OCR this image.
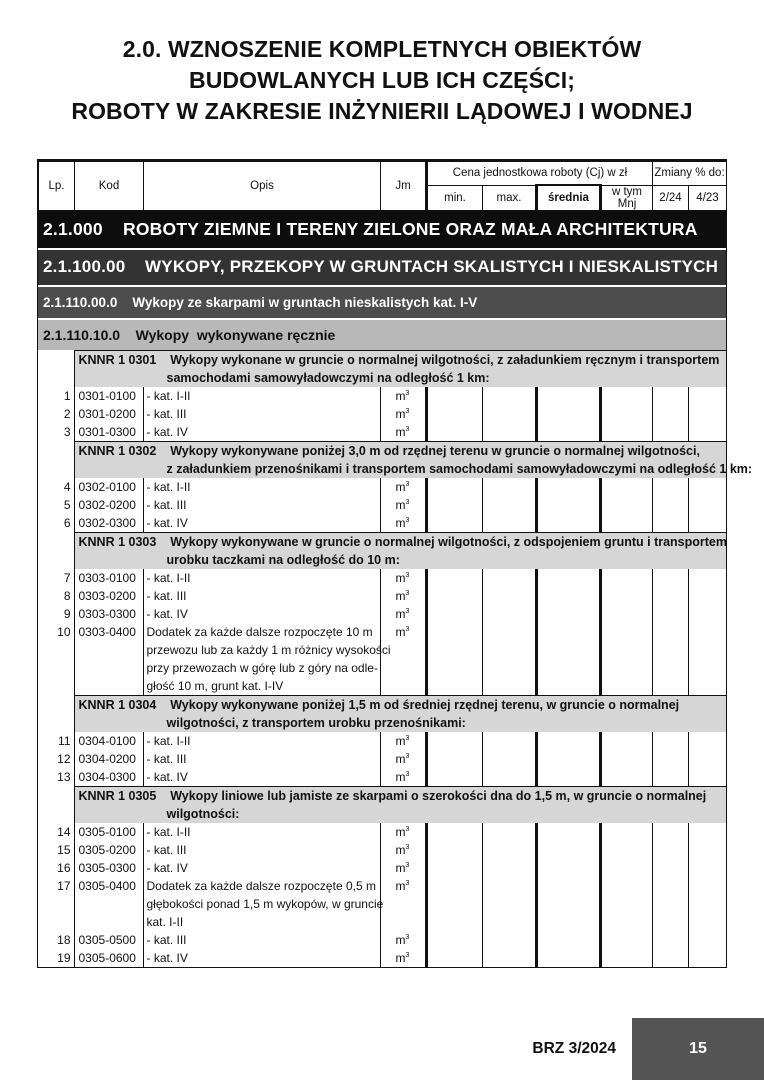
2.0. WZNOSZENIE KOMPLETNYCH OBIEKTÓW
BUDOWLANYCH LUB ICH CZĘŚCI;
ROBOTY W ZAKRESIE INŻYNIERII LĄDOWEJ I WODNEJ
Lp.	Kod	Opis	Jm	Cena jednostkowa roboty (Cj) w zł				Zmiany % do:	
				min.	max.	średnia	w tym Mnj	2/24	4/23
2.1.000    ROBOTY ZIEMNE I TERENY ZIELONE ORAZ MAŁA ARCHITEKTURA
2.1.100.00    WYKOPY, PRZEKOPY W GRUNTACH SKALISTYCH I NIESKALISTYCH
2.1.110.00.0    Wykopy ze skarpami w gruntach nieskalistych kat. I-V
2.1.110.10.0    Wykopy  wykonywane ręcznie

	KNNR 1 0301    Wykopy wykonane w gruncie o normalnej wilgotności, z załadunkiem ręcznym i transportem
samochodami samowyładowczymi na odległość 1 km:								

1	0301-0100	- kat. I-II	$m^3$						
2	0301-0200	- kat. III	$m^3$						
3	0301-0300	- kat. IV	$m^3$						

	KNNR 1 0302    Wykopy wykonywane poniżej 3,0 m od rzędnej terenu w gruncie o normalnej wilgotności,
z załadunkiem przenośnikami i transportem samochodami samowyładowczymi na odległość 1 km:								

4	0302-0100	- kat. I-II	$m^3$						
5	0302-0200	- kat. III	$m^3$						
6	0302-0300	- kat. IV	$m^3$						

	KNNR 1 0303    Wykopy wykonywane w gruncie o normalnej wilgotności, z odspojeniem gruntu i transportem
urobku taczkami na odległość do 10 m:								

7	0303-0100	- kat. I-II	$m^3$						
8	0303-0200	- kat. III	$m^3$						
9	0303-0300	- kat. IV	$m^3$						
10	0303-0400	Dodatek za każde dalsze rozpoczęte 10 m
przewozu lub za każdy 1 m różnicy wysokości
przy przewozach w górę lub z góry na odle-
głość 10 m, grunt kat. I-IV	$m^3$						

	KNNR 1 0304    Wykopy wykonywane poniżej 1,5 m od średniej rzędnej terenu, w gruncie o normalnej
wilgotności, z transportem urobku przenośnikami:								

11	0304-0100	- kat. I-II	$m^3$						
12	0304-0200	- kat. III	$m^3$						
13	0304-0300	- kat. IV	$m^3$						

	KNNR 1 0305    Wykopy liniowe lub jamiste ze skarpami o szerokości dna do 1,5 m, w gruncie o normalnej
wilgotności:								

14	0305-0100	- kat. I-II	$m^3$						
15	0305-0200	- kat. III	$m^3$						
16	0305-0300	- kat. IV	$m^3$						
17	0305-0400	Dodatek za każde dalsze rozpoczęte 0,5 m
głębokości ponad 1,5 m wykopów, w gruncie
kat. I-II	$m^3$						
18	0305-0500	- kat. III	$m^3$						
19	0305-0600	- kat. IV	$m^3$						
BRZ 3/2024	15
